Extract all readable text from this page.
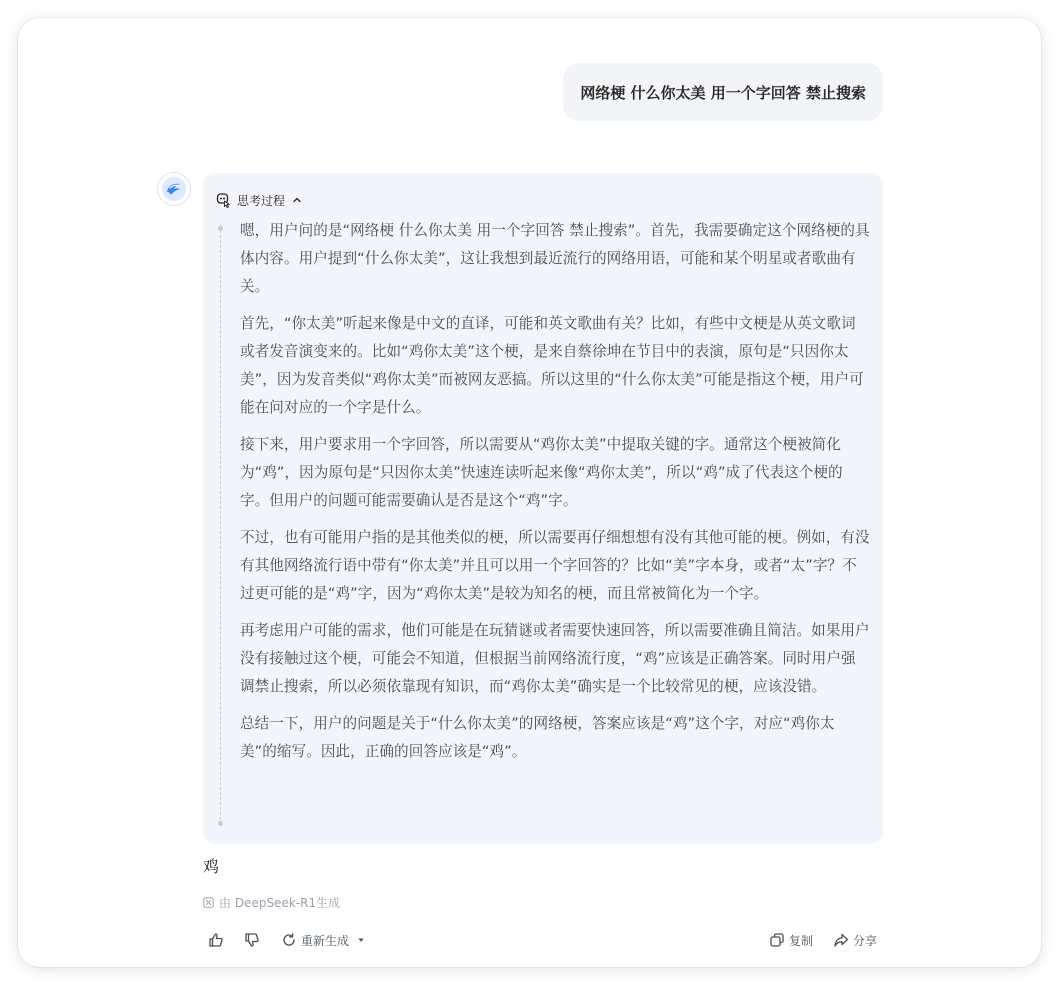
网络梗 什么你太美 用一个字回答 禁止搜索
思考过程

嗯，用户问的是“网络梗 什么你太美 用一个字回答 禁止搜索”。首先，我需要确定这个网络梗的具体内容。用户提到“什么你太美”，这让我想到最近流行的网络用语，可能和某个明星或者歌曲有关。

首先，“你太美”听起来像是中文的直译，可能和英文歌曲有关？比如，有些中文梗是从英文歌词或者发音演变来的。比如“鸡你太美”这个梗，是来自蔡徐坤在节目中的表演，原句是“只因你太美”，因为发音类似“鸡你太美”而被网友恶搞。所以这里的“什么你太美”可能是指这个梗，用户可能在问对应的一个字是什么。

接下来，用户要求用一个字回答，所以需要从“鸡你太美”中提取关键的字。通常这个梗被简化为“鸡”，因为原句是“只因你太美”快速连读听起来像“鸡你太美”，所以“鸡”成了代表这个梗的字。但用户的问题可能需要确认是否是这个“鸡”字。

不过，也有可能用户指的是其他类似的梗，所以需要再仔细想想有没有其他可能的梗。例如，有没有其他网络流行语中带有“你太美”并且可以用一个字回答的？比如“美”字本身，或者“太”字？不过更可能的是“鸡”字，因为“鸡你太美”是较为知名的梗，而且常被简化为一个字。

再考虑用户可能的需求，他们可能是在玩猜谜或者需要快速回答，所以需要准确且简洁。如果用户没有接触过这个梗，可能会不知道，但根据当前网络流行度，“鸡”应该是正确答案。同时用户强调禁止搜索，所以必须依靠现有知识，而“鸡你太美”确实是一个比较常见的梗，应该没错。

总结一下，用户的问题是关于“什么你太美”的网络梗，答案应该是“鸡”这个字，对应“鸡你太美”的缩写。因此，正确的回答应该是“鸡”。

鸡
由 DeepSeek-R1生成
重新生成	复制	分享
